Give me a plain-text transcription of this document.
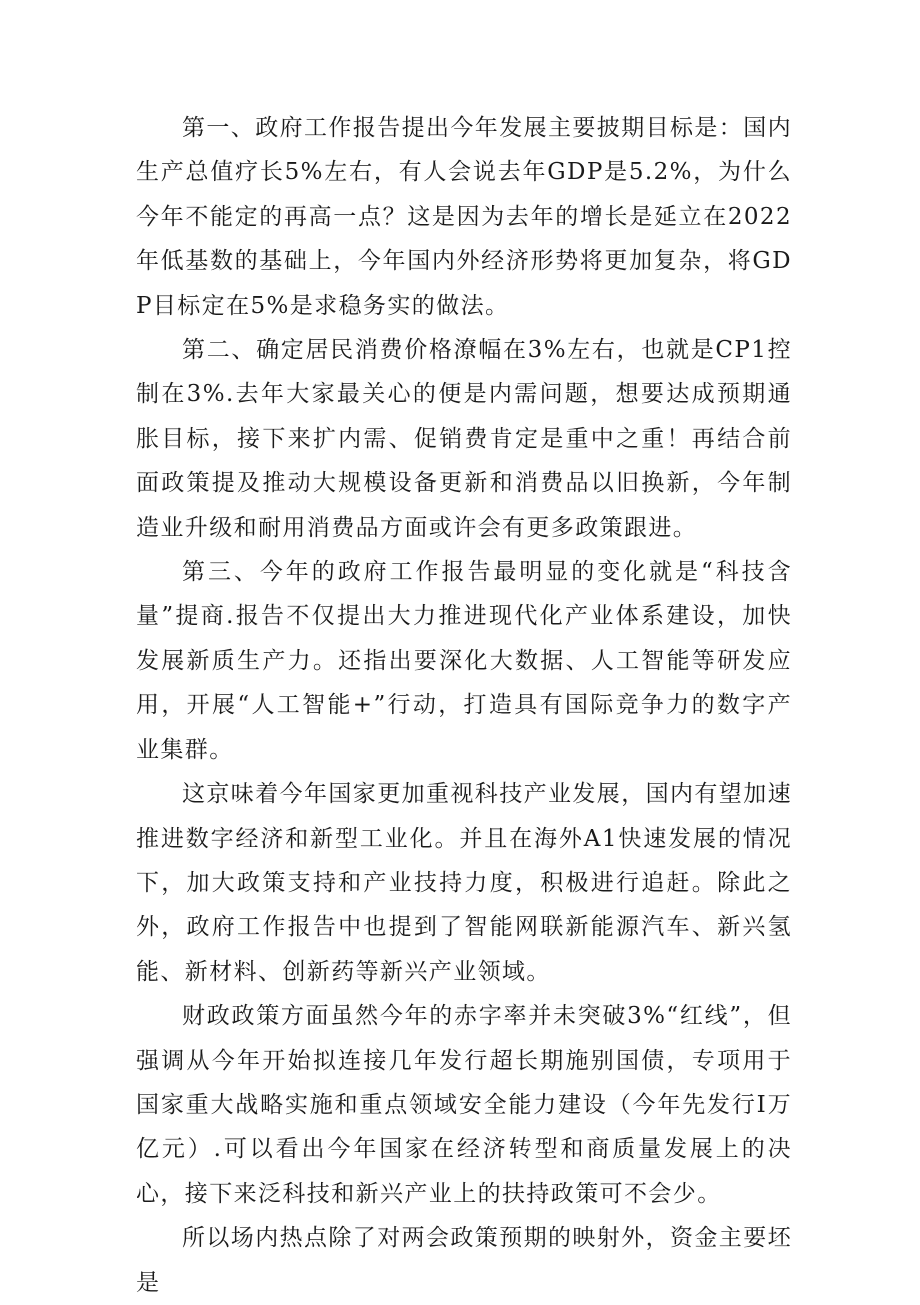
第一、政府工作报告提出今年发展主要披期目标是：国内生产总值疗长5%左右，有人会说去年GDP是5.2%，为什么今年不能定的再高一点？这是因为去年的增长是延立在2022年低基数的基础上，今年国内外经济形势将更加复杂，将GDP目标定在5%是求稳务实的做法。

第二、确定居民消费价格潦幅在3%左右，也就是CP1控制在3%.去年大家最关心的便是内需问题，想要达成预期通胀目标，接下来扩内需、促销费肯定是重中之重！再结合前面政策提及推动大规模设备更新和消费品以旧换新，今年制造业升级和耐用消费品方面或许会有更多政策跟进。

第三、今年的政府工作报告最明显的变化就是“科技含量”提商.报告不仅提出大力推进现代化产业体系建设，加快发展新质生产力。还指出要深化大数据、人工智能等研发应用，开展“人工智能+”行动，打造具有国际竞争力的数字产业集群。

这京味着今年国家更加重视科技产业发展，国内有望加速推进数字经济和新型工业化。并且在海外A1快速发展的情况下，加大政策支持和产业技持力度，积极进行追赶。除此之外，政府工作报告中也提到了智能网联新能源汽车、新兴氢能、新材料、创新药等新兴产业领域。

财政政策方面虽然今年的赤字率并未突破3%“红线”，但强调从今年开始拟连接几年发行超长期施别国债，专项用于国家重大战略实施和重点领域安全能力建设（今年先发行I万亿元）.可以看出今年国家在经济转型和商质量发展上的决心，接下来泛科技和新兴产业上的扶持政策可不会少。

所以场内热点除了对两会政策预期的映射外，资金主要坯是
